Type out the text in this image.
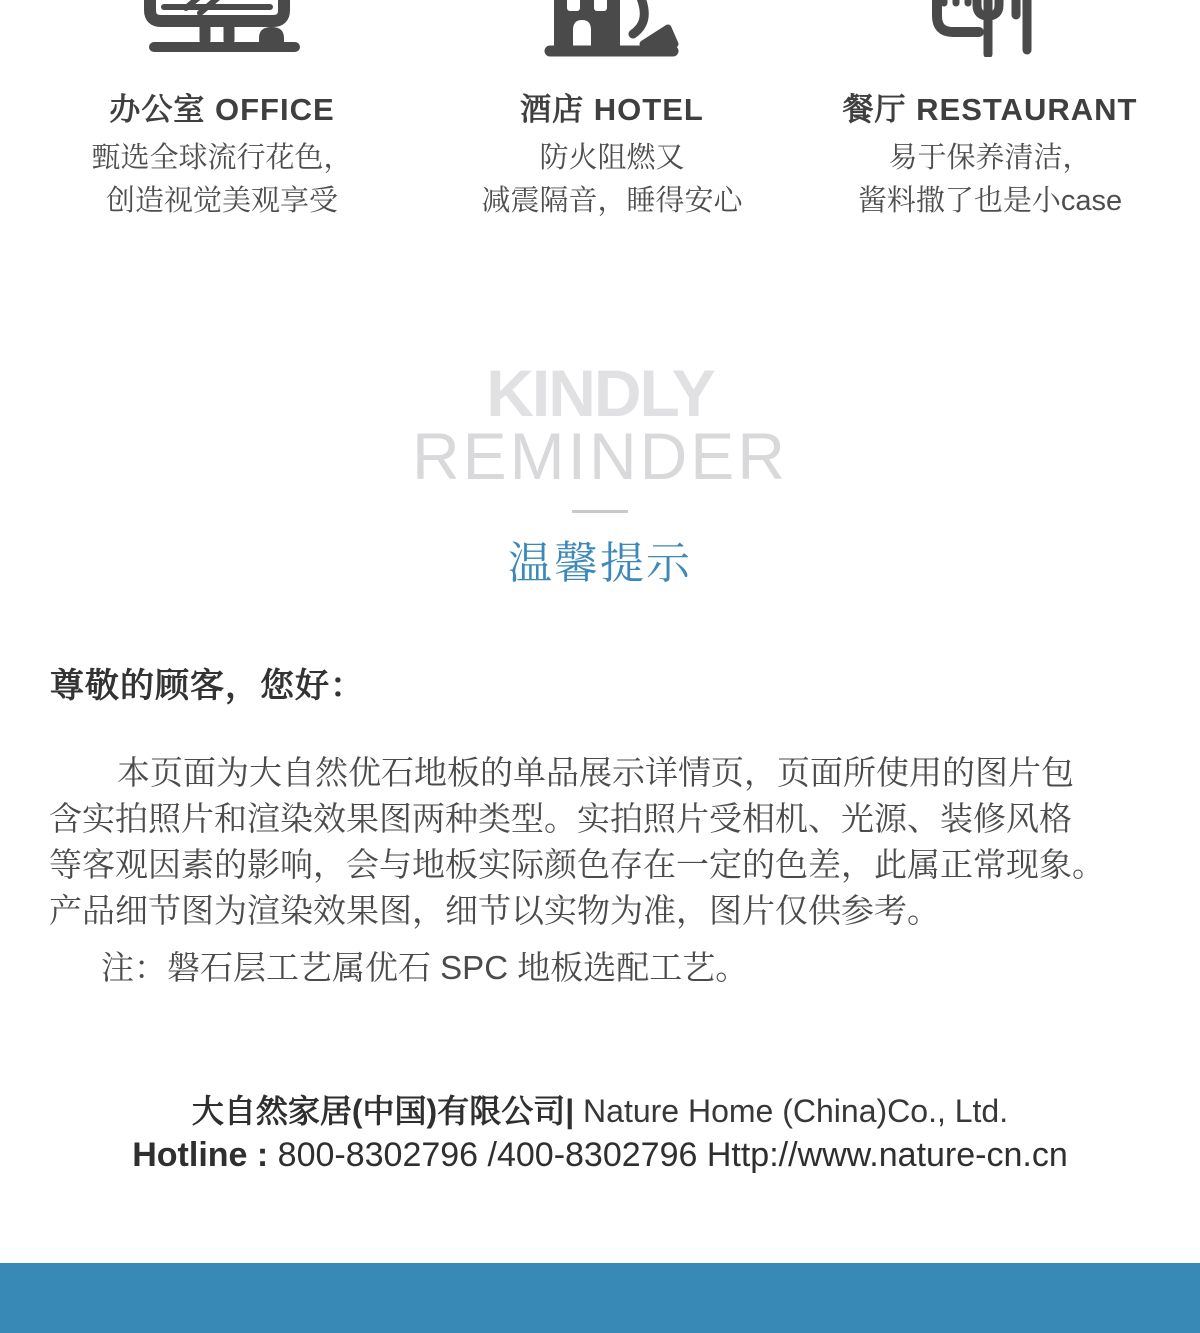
办公室 OFFICE
甄选全球流行花色，
创造视觉美观享受
酒店 HOTEL
防火阻燃又
减震隔音，睡得安心
餐厅 RESTAURANT
易于保养清洁，
酱料撒了也是小case
KINDLY
REMINDER
温馨提示
尊敬的顾客，您好：
本页面为大自然优石地板的单品展示详情页，页面所使用的图片包
含实拍照片和渲染效果图两种类型。实拍照片受相机、光源、装修风格
等客观因素的影响，会与地板实际颜色存在一定的色差，此属正常现象。
产品细节图为渲染效果图，细节以实物为准，图片仅供参考。
注：磐石层工艺属优石 SPC 地板选配工艺。
大自然家居(中国)有限公司| Nature Home (China)Co., Ltd.
Hotline : 800-8302796 /400-8302796 Http://www.nature-cn.cn
